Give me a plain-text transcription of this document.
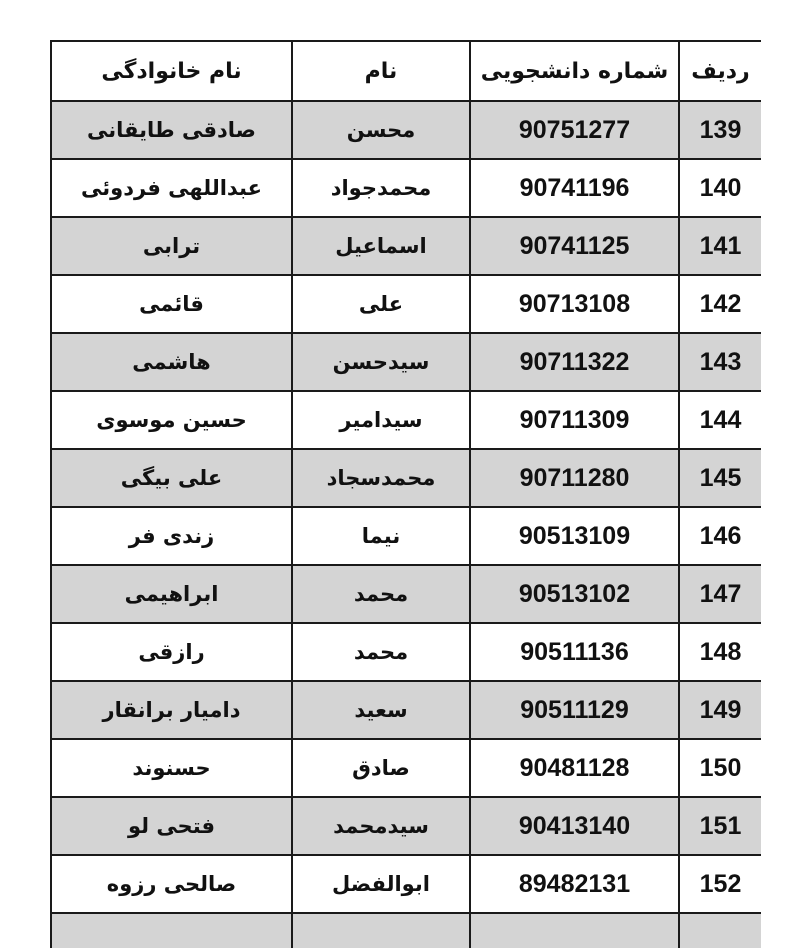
ردیف	شماره دانشجویی	نام	نام خانوادگی
139	90751277	محسن	صادقی طایقانی
140	90741196	محمدجواد	عبداللهی فردوئی
141	90741125	اسماعیل	ترابی
142	90713108	علی	قائمی
143	90711322	سیدحسن	هاشمی
144	90711309	سیدامیر	حسین موسوی
145	90711280	محمدسجاد	علی بیگی
146	90513109	نیما	زندی فر
147	90513102	محمد	ابراهیمی
148	90511136	محمد	رازقی
149	90511129	سعید	دامیار برانقار
150	90481128	صادق	حسنوند
151	90413140	سیدمحمد	فتحی لو
152	89482131	ابوالفضل	صالحی رزوه
